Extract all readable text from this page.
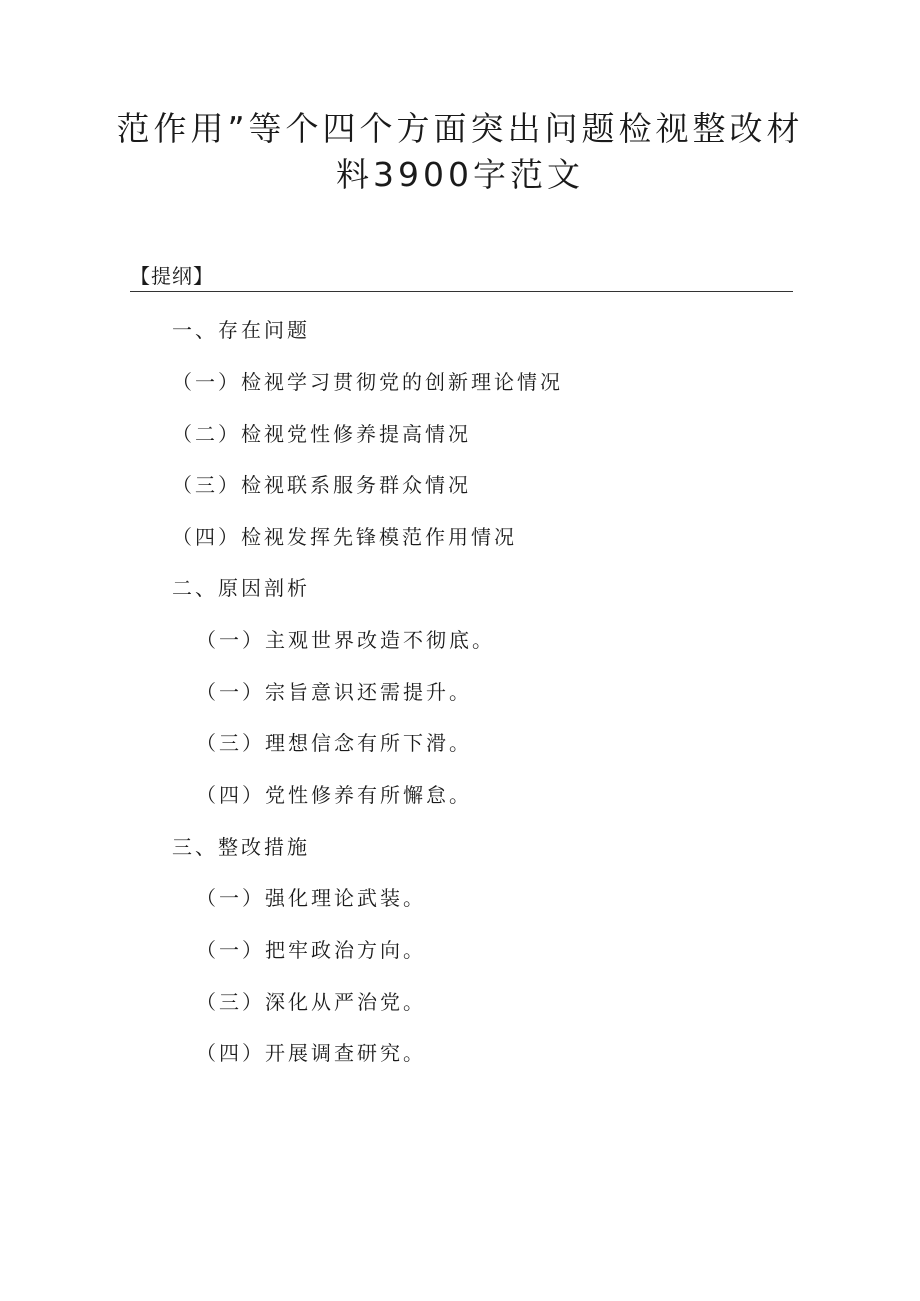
范作用”等个四个方面突出问题检视整改材
料3900字范文
【提纲】
一、存在问题
（一）检视学习贯彻党的创新理论情况
（二）检视党性修养提高情况
（三）检视联系服务群众情况
（四）检视发挥先锋模范作用情况
二、原因剖析
（一）主观世界改造不彻底。
（一）宗旨意识还需提升。
（三）理想信念有所下滑。
（四）党性修养有所懈怠。
三、整改措施
（一）强化理论武装。
（一）把牢政治方向。
（三）深化从严治党。
（四）开展调查研究。
